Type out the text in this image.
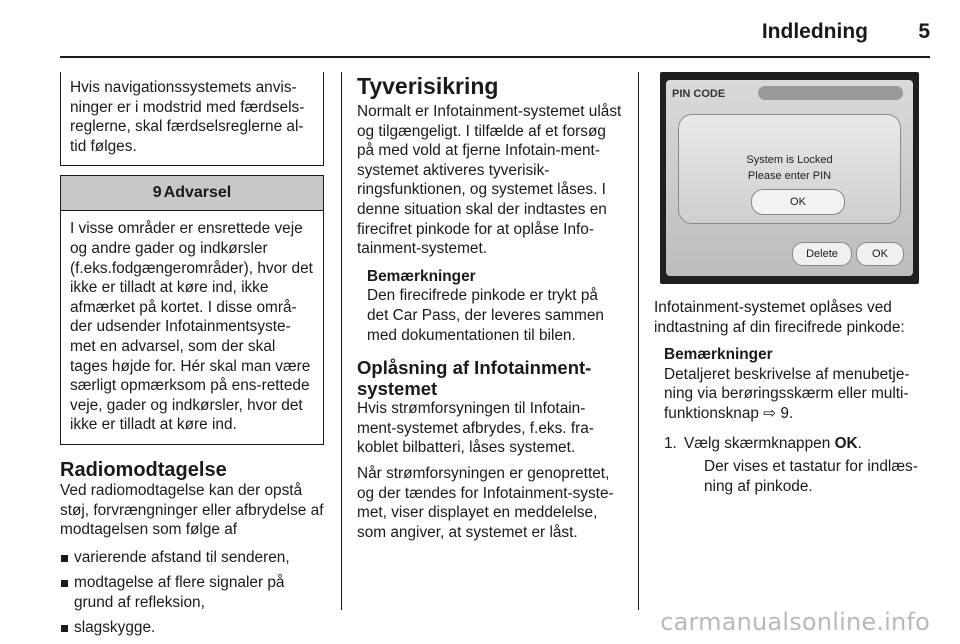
Indledning 5

Hvis navigationssystemets anvis-ninger er i modstrid med færdsels-reglerne, skal færdselsreglerne al-tid følges.

9 Advarsel

I visse områder er ensrettede veje og andre gader og indkørsler (f.eks.fodgængerområder), hvor det ikke er tilladt at køre ind, ikke afmærket på kortet. I disse områ-der udsender Infotainmentsyste-met en advarsel, som der skal tages højde for. Hér skal man være særligt opmærksom på ens-rettede veje, gader og indkørsler, hvor det ikke er tilladt at køre ind.

Radiomodtagelse

Ved radiomodtagelse kan der opstå støj, forvrængninger eller afbrydelse af modtagelsen som følge af

varierende afstand til senderen,
modtagelse af flere signaler på grund af refleksion,
slagskygge.
Tyverisikring

Normalt er Infotainment-systemet ulåst og tilgængeligt. I tilfælde af et forsøg på med vold at fjerne Infotain-ment-systemet aktiveres tyverisik-ringsfunktionen, og systemet låses. I denne situation skal der indtastes en firecifret pinkode for at oplåse Info-tainment-systemet.

Bemærkninger

Den firecifrede pinkode er trykt på det Car Pass, der leveres sammen med dokumentationen til bilen.

Oplåsning af Infotainment-systemet

Hvis strømforsyningen til Infotain-ment-systemet afbrydes, f.eks. fra-koblet bilbatteri, låses systemet.

Når strømforsyningen er genoprettet, og der tændes for Infotainment-syste-met, viser displayet en meddelelse, som angiver, at systemet er låst.

PIN CODE
System is Locked
Please enter PIN
OK
Delete	OK

Infotainment-systemet oplåses ved indtastning af din firecifrede pinkode:

Bemærkninger

Detaljeret beskrivelse af menubetje-ning via berøringsskærm eller multi-funktionsknap ⇨ 9.

1. Vælg skærmknappen OK.
Der vises et tastatur for indlæs-ning af pinkode.
carmanualsonline.info
